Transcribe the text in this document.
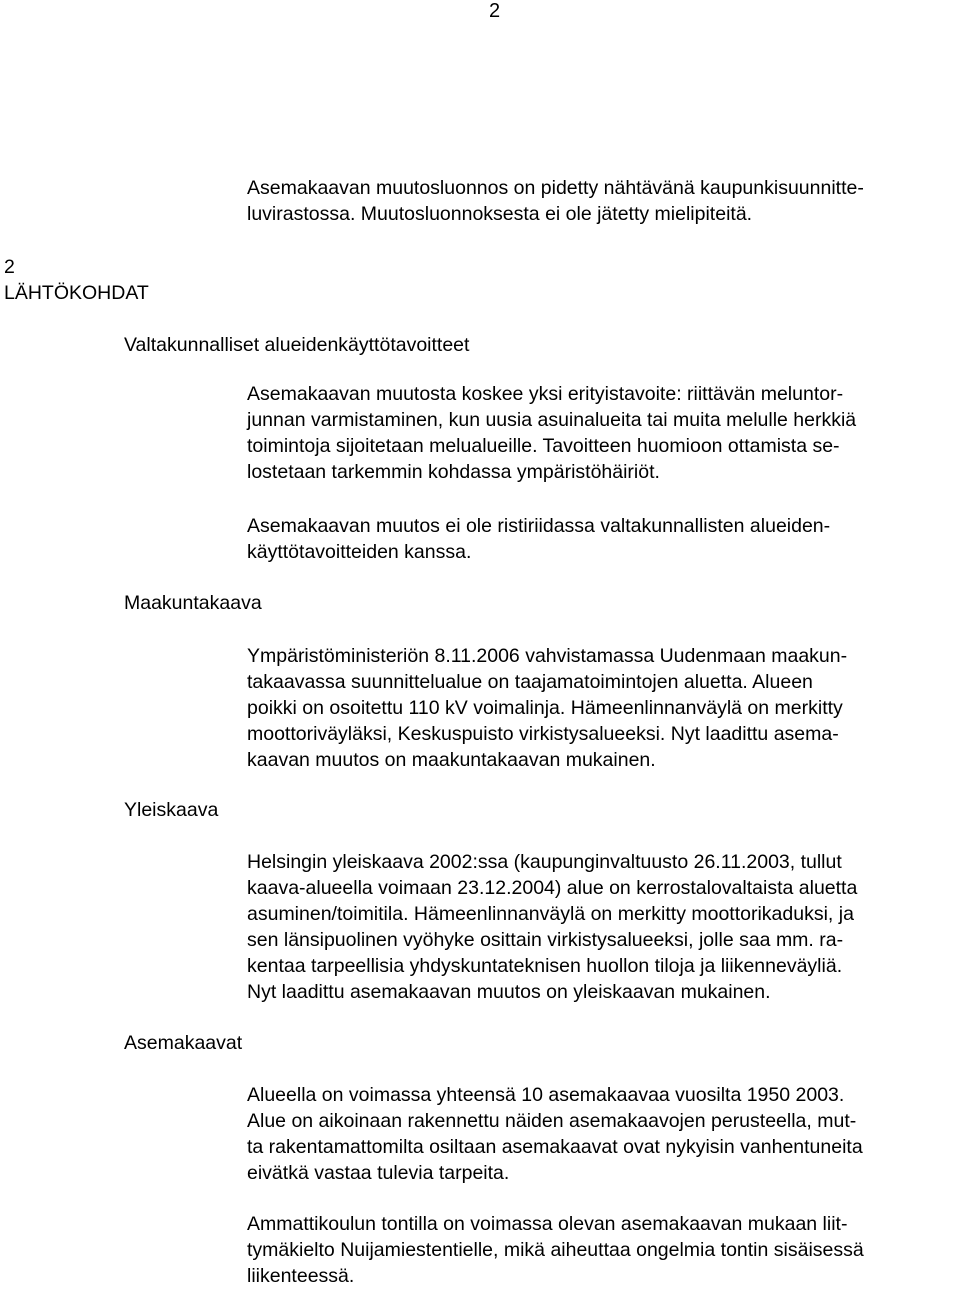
2

Asemakaavan muutosluonnos on pidetty nähtävänä kaupunkisuunnitte-
luvirastossa. Muutosluonnoksesta ei ole jätetty mielipiteitä.

2

LÄHTÖKOHDAT

Valtakunnalliset alueidenkäyttötavoitteet

Asemakaavan muutosta koskee yksi erityistavoite: riittävän meluntor-
junnan varmistaminen, kun uusia asuinalueita tai muita melulle herkkiä
toimintoja sijoitetaan melualueille. Tavoitteen huomioon ottamista se-
lostetaan tarkemmin kohdassa ympäristöhäiriöt.

Asemakaavan muutos ei ole ristiriidassa valtakunnallisten alueiden-
käyttötavoitteiden kanssa.

Maakuntakaava

Ympäristöministeriön 8.11.2006 vahvistamassa Uudenmaan maakun-
takaavassa suunnittelualue on taajamatoimintojen aluetta. Alueen
poikki on osoitettu 110 kV voimalinja. Hämeenlinnanväylä on merkitty
moottoriväyläksi, Keskuspuisto virkistysalueeksi. Nyt laadittu asema-
kaavan muutos on maakuntakaavan mukainen.

Yleiskaava

Helsingin yleiskaava 2002:ssa (kaupunginvaltuusto 26.11.2003, tullut
kaava-alueella voimaan 23.12.2004) alue on kerrostalovaltaista aluetta
asuminen/toimitila. Hämeenlinnanväylä on merkitty moottorikaduksi, ja
sen länsipuolinen vyöhyke osittain virkistysalueeksi, jolle saa mm. ra-
kentaa tarpeellisia yhdyskuntateknisen huollon tiloja ja liikenneväyliä.
Nyt laadittu asemakaavan muutos on yleiskaavan mukainen.

Asemakaavat

Alueella on voimassa yhteensä 10 asemakaavaa vuosilta 1950 2003.
Alue on aikoinaan rakennettu näiden asemakaavojen perusteella, mut-
ta rakentamattomilta osiltaan asemakaavat ovat nykyisin vanhentuneita
eivätkä vastaa tulevia tarpeita.

Ammattikoulun tontilla on voimassa olevan asemakaavan mukaan liit-
tymäkielto Nuijamiestentielle, mikä aiheuttaa ongelmia tontin sisäisessä
liikenteessä.
